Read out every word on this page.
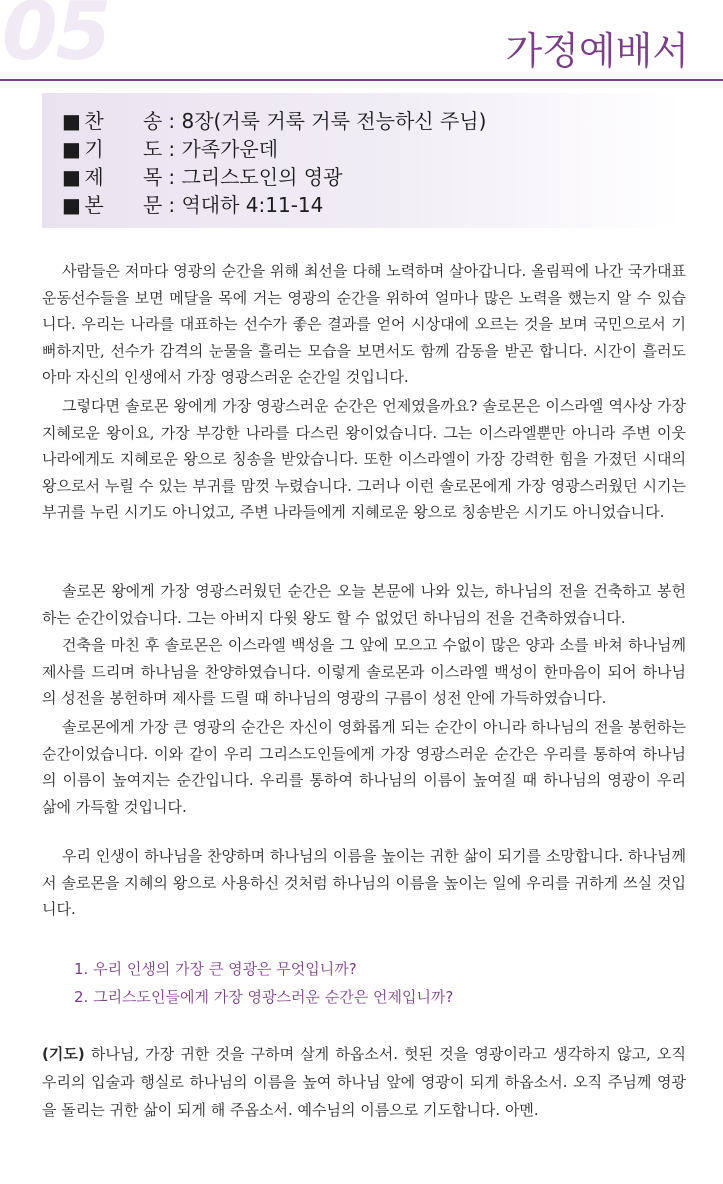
05	가정예배서
■ 찬 송 : 8장(거룩 거룩 거룩 전능하신 주님)
■ 기 도 : 가족가운데
■ 제 목 : 그리스도인의 영광
■ 본 문 : 역대하 4:11-14

사람들은 저마다 영광의 순간을 위해 최선을 다해 노력하며 살아갑니다. 올림픽에 나간 국가대표 운동선수들을 보면 메달을 목에 거는 영광의 순간을 위하여 얼마나 많은 노력을 했는지 알 수 있습니다. 우리는 나라를 대표하는 선수가 좋은 결과를 얻어 시상대에 오르는 것을 보며 국민으로서 기뻐하지만, 선수가 감격의 눈물을 흘리는 모습을 보면서도 함께 감동을 받곤 합니다. 시간이 흘러도 아마 자신의 인생에서 가장 영광스러운 순간일 것입니다.

그렇다면 솔로몬 왕에게 가장 영광스러운 순간은 언제였을까요? 솔로몬은 이스라엘 역사상 가장 지혜로운 왕이요, 가장 부강한 나라를 다스린 왕이었습니다. 그는 이스라엘뿐만 아니라 주변 이웃 나라에게도 지혜로운 왕으로 칭송을 받았습니다. 또한 이스라엘이 가장 강력한 힘을 가졌던 시대의 왕으로서 누릴 수 있는 부귀를 맘껏 누렸습니다. 그러나 이런 솔로몬에게 가장 영광스러웠던 시기는 부귀를 누린 시기도 아니었고, 주변 나라들에게 지혜로운 왕으로 칭송받은 시기도 아니었습니다.

솔로몬 왕에게 가장 영광스러웠던 순간은 오늘 본문에 나와 있는, 하나님의 전을 건축하고 봉헌하는 순간이었습니다. 그는 아버지 다윗 왕도 할 수 없었던 하나님의 전을 건축하였습니다.

건축을 마친 후 솔로몬은 이스라엘 백성을 그 앞에 모으고 수없이 많은 양과 소를 바쳐 하나님께 제사를 드리며 하나님을 찬양하였습니다. 이렇게 솔로몬과 이스라엘 백성이 한마음이 되어 하나님의 성전을 봉헌하며 제사를 드릴 때 하나님의 영광의 구름이 성전 안에 가득하였습니다.

솔로몬에게 가장 큰 영광의 순간은 자신이 영화롭게 되는 순간이 아니라 하나님의 전을 봉헌하는 순간이었습니다. 이와 같이 우리 그리스도인들에게 가장 영광스러운 순간은 우리를 통하여 하나님의 이름이 높여지는 순간입니다. 우리를 통하여 하나님의 이름이 높여질 때 하나님의 영광이 우리 삶에 가득할 것입니다.

우리 인생이 하나님을 찬양하며 하나님의 이름을 높이는 귀한 삶이 되기를 소망합니다. 하나님께서 솔로몬을 지혜의 왕으로 사용하신 것처럼 하나님의 이름을 높이는 일에 우리를 귀하게 쓰실 것입니다.

1. 우리 인생의 가장 큰 영광은 무엇입니까?
2. 그리스도인들에게 가장 영광스러운 순간은 언제입니까?

(기도) 하나님, 가장 귀한 것을 구하며 살게 하옵소서. 헛된 것을 영광이라고 생각하지 않고, 오직 우리의 입술과 행실로 하나님의 이름을 높여 하나님 앞에 영광이 되게 하옵소서. 오직 주님께 영광을 돌리는 귀한 삶이 되게 해 주옵소서. 예수님의 이름으로 기도합니다. 아멘.
